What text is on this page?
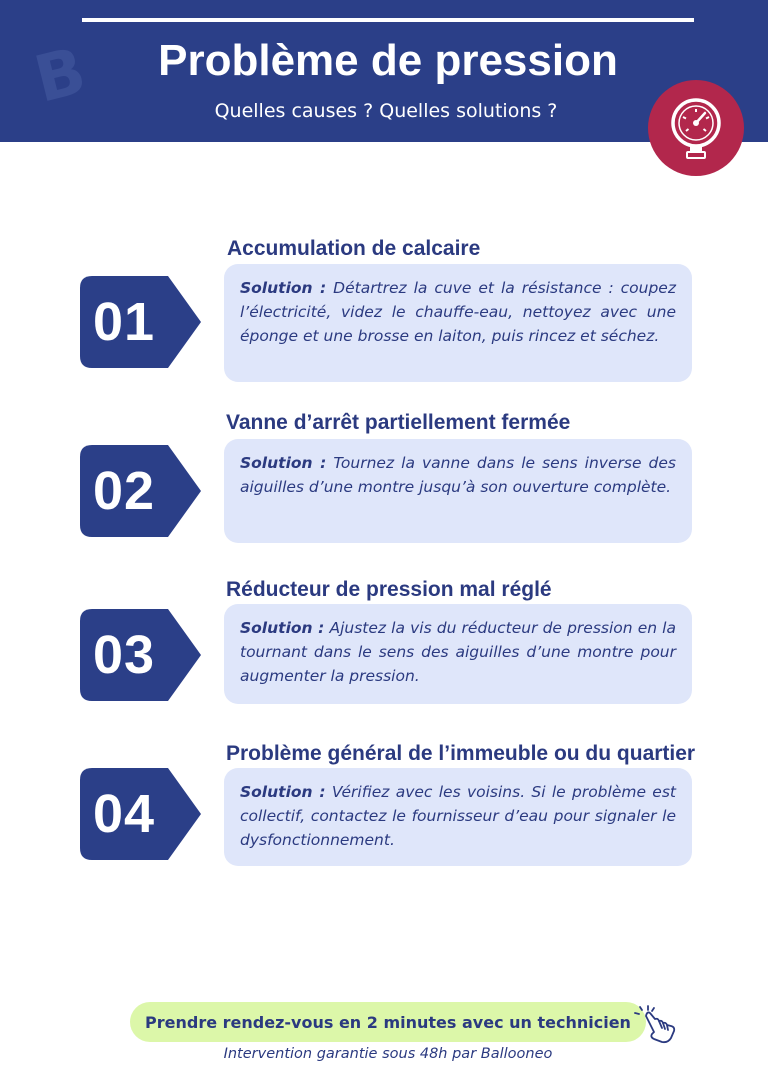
B	Problème de pression
Quelles causes ? Quelles solutions ?
Accumulation de calcaire
01

Solution : Détartrez la cuve et la résistance : coupez l’électricité, videz le chauffe-eau, nettoyez avec une éponge et une brosse en laiton, puis rincez et séchez.

Vanne d’arrêt partiellement fermée
02	Solution : Tournez la vanne dans le sens inverse des aiguilles d’une montre jusqu’à son ouverture complète.

Réducteur de pression mal réglé
03	Solution : Ajustez la vis du réducteur de pression en la tournant dans le sens des aiguilles d’une montre pour augmenter la pression.

Problème général de l’immeuble ou du quartier
04	Solution : Vérifiez avec les voisins. Si le problème est collectif, contactez le fournisseur d’eau pour signaler le dysfonctionnement.

Prendre rendez-vous en 2 minutes avec un technicien
Intervention garantie sous 48h par Ballooneo
